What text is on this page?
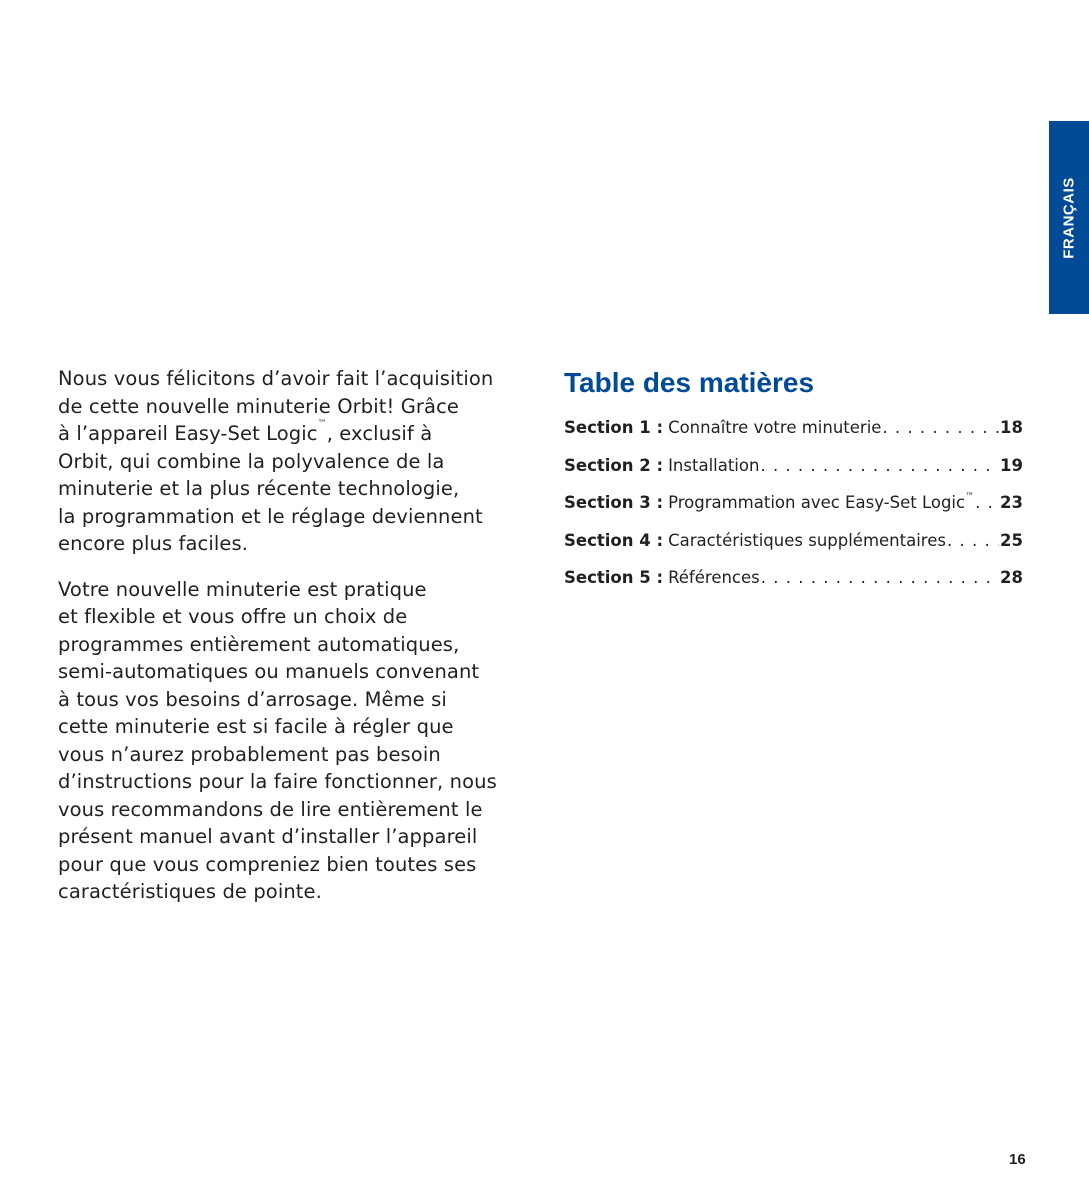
Nous vous félicitons d’avoir fait l’acquisition
de cette nouvelle minuterie Orbit! Grâce
à l’appareil Easy-Set Logic™, exclusif à
Orbit, qui combine la polyvalence de la
minuterie et la plus récente technologie,
la programmation et le réglage deviennent
encore plus faciles.

Votre nouvelle minuterie est pratique
et flexible et vous offre un choix de
programmes entièrement automatiques,
semi-automatiques ou manuels convenant
à tous vos besoins d’arrosage. Même si
cette minuterie est si facile à régler que
vous n’aurez probablement pas besoin
d’instructions pour la faire fonctionner, nous
vous recommandons de lire entièrement le
présent manuel avant d’installer l’appareil
pour que vous compreniez bien toutes ses
caractéristiques de pointe.

Table des matières
Section 1 : Connaître votre minuterie . . .	18
Section 2 : Installation . . .	19
Section 3 : Programmation avec Easy-Set Logic™ . . . 23
Section 4 : Caractéristiques supplémentaires . . .	25
Section 5 : Références . . .	28
FRANÇAIS
16
